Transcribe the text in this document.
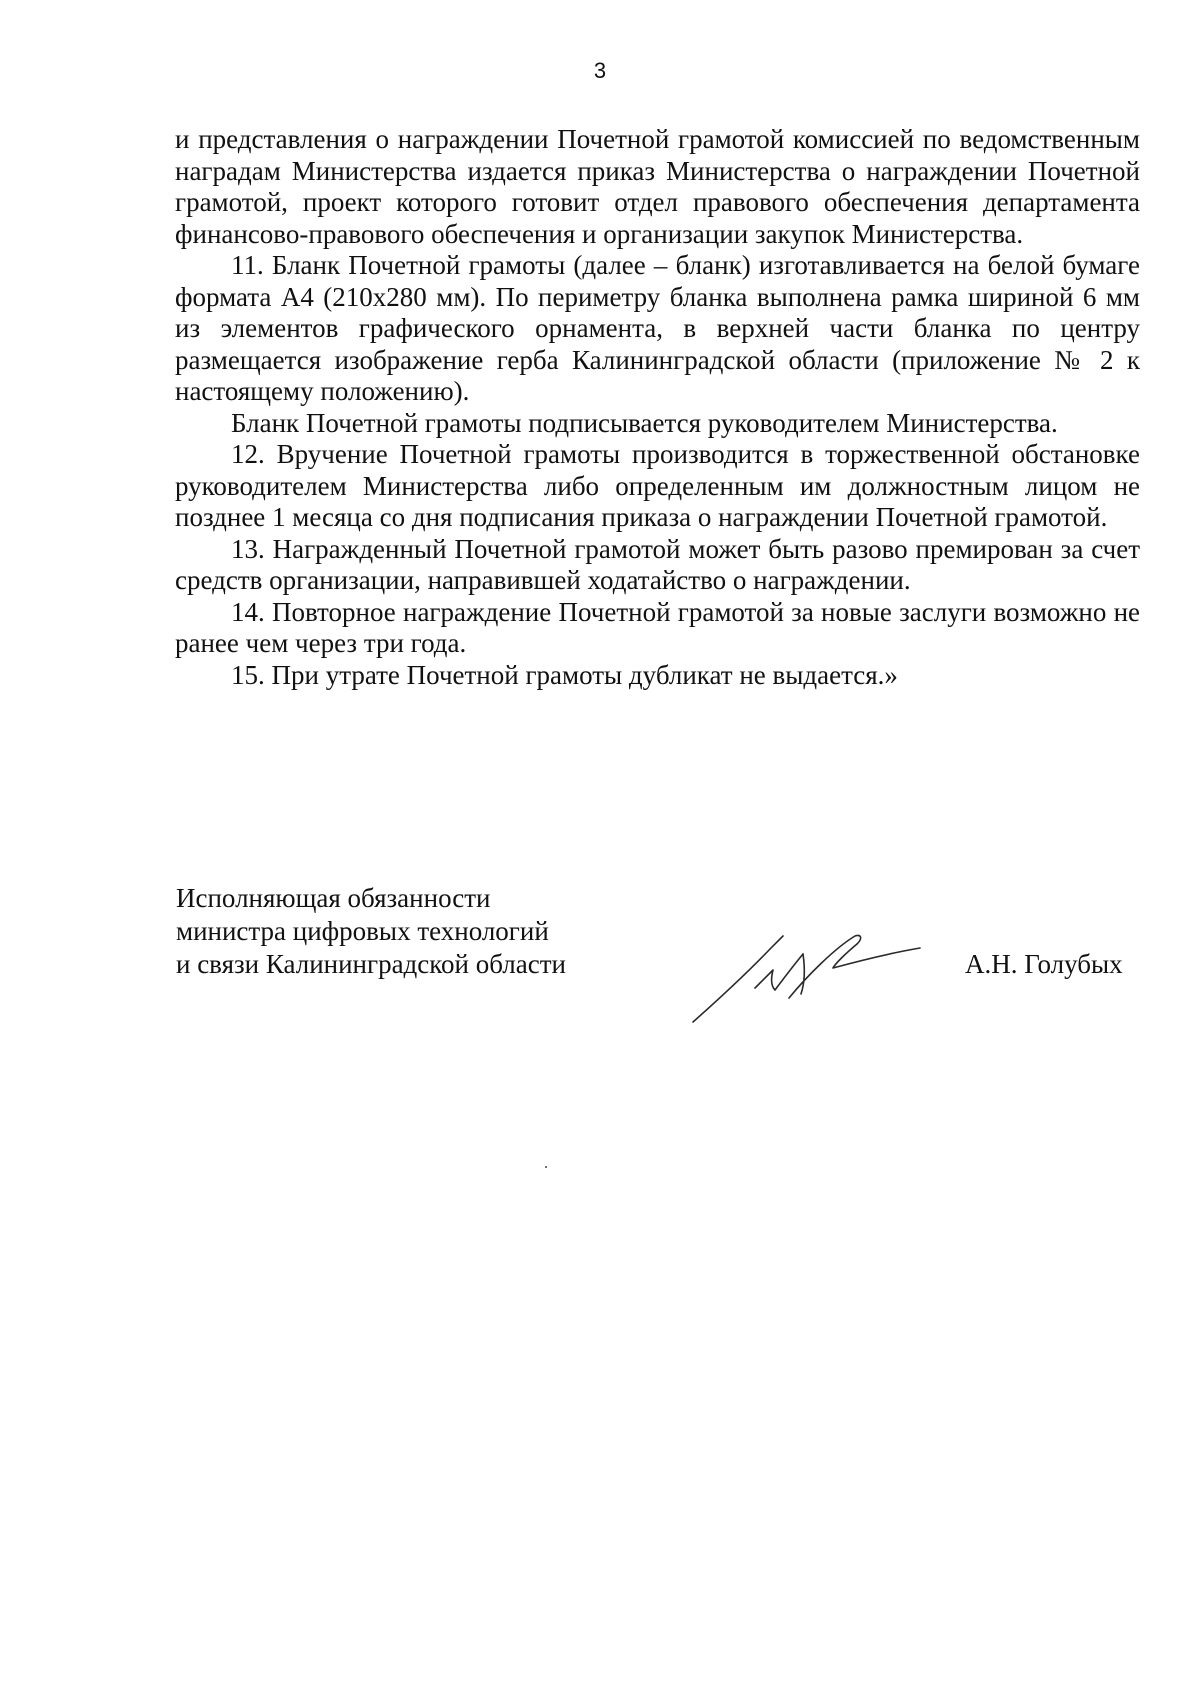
3

и представления о награждении Почетной грамотой комиссией по ведомственным наградам Министерства издается приказ Министерства о награждении Почетной грамотой, проект которого готовит отдел правового обеспечения департамента финансово-правового обеспечения и организации закупок Министерства.

11. Бланк Почетной грамоты (далее – бланк) изготавливается на белой бумаге формата А4 (210х280 мм). По периметру бланка выполнена рамка шириной 6 мм из элементов графического орнамента, в верхней части бланка по центру размещается изображение герба Калининградской области (приложение № 2 к настоящему положению).

Бланк Почетной грамоты подписывается руководителем Министерства.

12. Вручение Почетной грамоты производится в торжественной обстановке руководителем Министерства либо определенным им должностным лицом не позднее 1 месяца со дня подписания приказа о награждении Почетной грамотой.

13. Награжденный Почетной грамотой может быть разово премирован за счет средств организации, направившей ходатайство о награждении.

14. Повторное награждение Почетной грамотой за новые заслуги возможно не ранее чем через три года.

15. При утрате Почетной грамоты дубликат не выдается.»

Исполняющая обязанности
министра цифровых технологий
и связи Калининградской области	А.Н. Голубых
